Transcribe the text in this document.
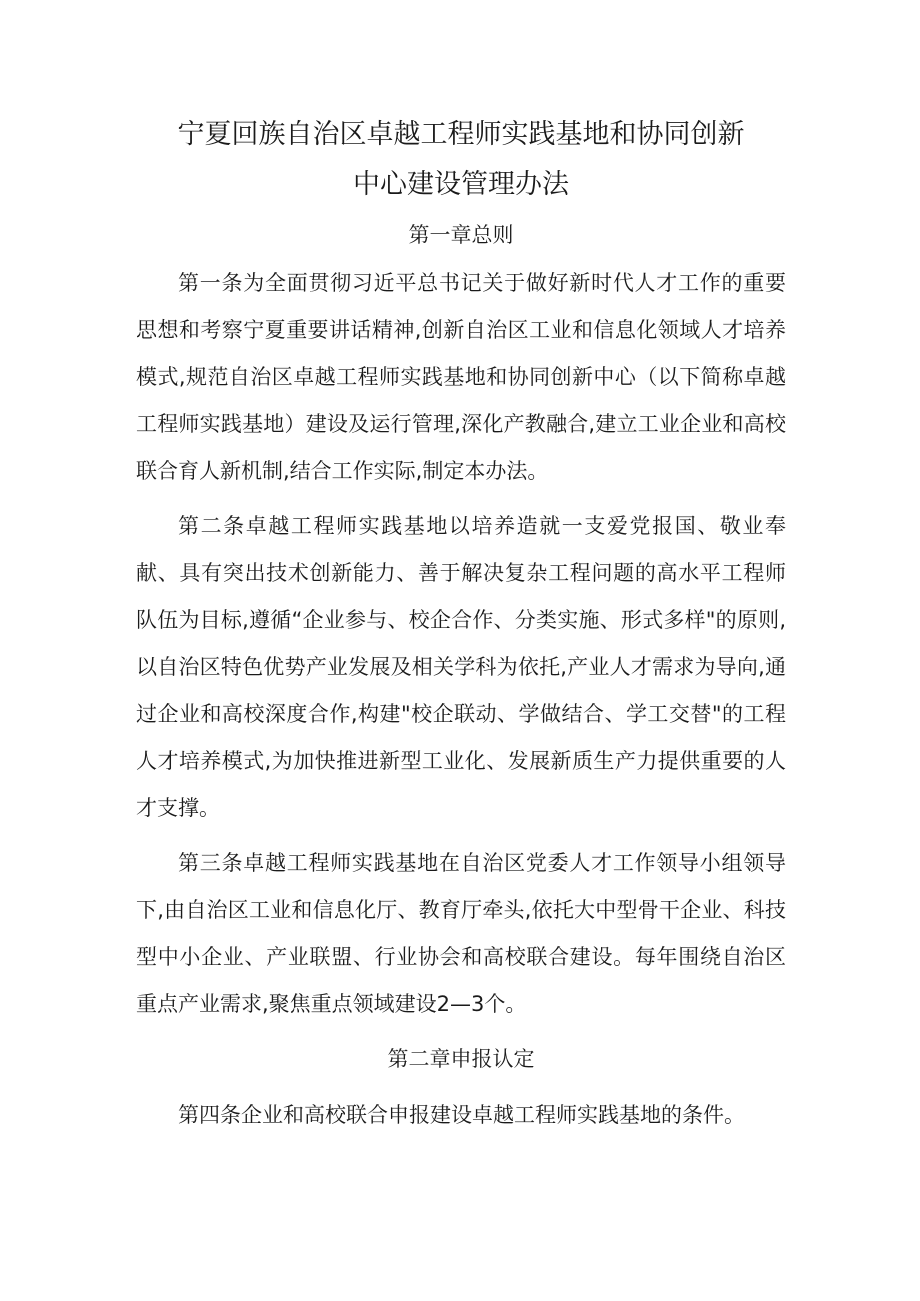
宁夏回族自治区卓越工程师实践基地和协同创新
中心建设管理办法
第一章总则

第一条为全面贯彻习近平总书记关于做好新时代人才工作的重要思想和考察宁夏重要讲话精神,创新自治区工业和信息化领域人才培养模式,规范自治区卓越工程师实践基地和协同创新中心（以下简称卓越工程师实践基地）建设及运行管理,深化产教融合,建立工业企业和高校联合育人新机制,结合工作实际,制定本办法。

第二条卓越工程师实践基地以培养造就一支爱党报国、敬业奉献、具有突出技术创新能力、善于解决复杂工程问题的高水平工程师队伍为目标,遵循“企业参与、校企合作、分类实施、形式多样"的原则,以自治区特色优势产业发展及相关学科为依托,产业人才需求为导向,通过企业和高校深度合作,构建"校企联动、学做结合、学工交替"的工程人才培养模式,为加快推进新型工业化、发展新质生产力提供重要的人才支撑。

第三条卓越工程师实践基地在自治区党委人才工作领导小组领导下,由自治区工业和信息化厅、教育厅牵头,依托大中型骨干企业、科技型中小企业、产业联盟、行业协会和高校联合建设。每年围绕自治区重点产业需求,聚焦重点领域建设2—3个。

第二章申报认定

第四条企业和高校联合申报建设卓越工程师实践基地的条件。
